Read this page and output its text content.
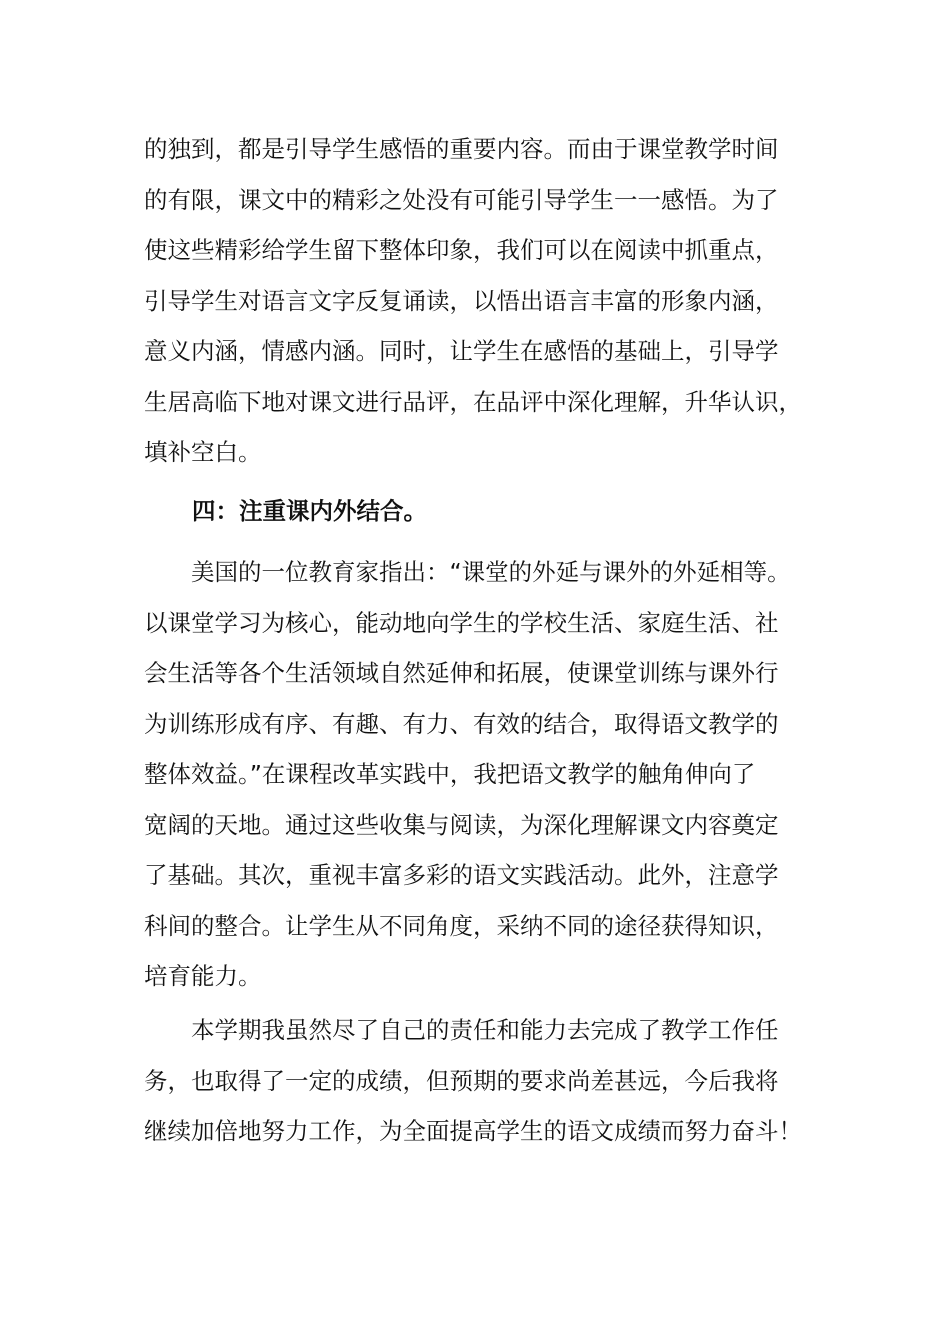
的独到，都是引导学生感悟的重要内容。而由于课堂教学时间
的有限，课文中的精彩之处没有可能引导学生一一感悟。为了
使这些精彩给学生留下整体印象，我们可以在阅读中抓重点，
引导学生对语言文字反复诵读，以悟出语言丰富的形象内涵，
意义内涵，情感内涵。同时，让学生在感悟的基础上，引导学
生居高临下地对课文进行品评，在品评中深化理解，升华认识，
填补空白。
四：注重课内外结合。
美国的一位教育家指出：“课堂的外延与课外的外延相等。
以课堂学习为核心，能动地向学生的学校生活、家庭生活、社
会生活等各个生活领域自然延伸和拓展，使课堂训练与课外行
为训练形成有序、有趣、有力、有效的结合，取得语文教学的
整体效益。”在课程改革实践中，我把语文教学的触角伸向了
宽阔的天地。通过这些收集与阅读，为深化理解课文内容奠定
了基础。其次，重视丰富多彩的语文实践活动。此外，注意学
科间的整合。让学生从不同角度，采纳不同的途径获得知识，
培育能力。
本学期我虽然尽了自己的责任和能力去完成了教学工作任
务，也取得了一定的成绩，但预期的要求尚差甚远，今后我将
继续加倍地努力工作，为全面提高学生的语文成绩而努力奋斗！
